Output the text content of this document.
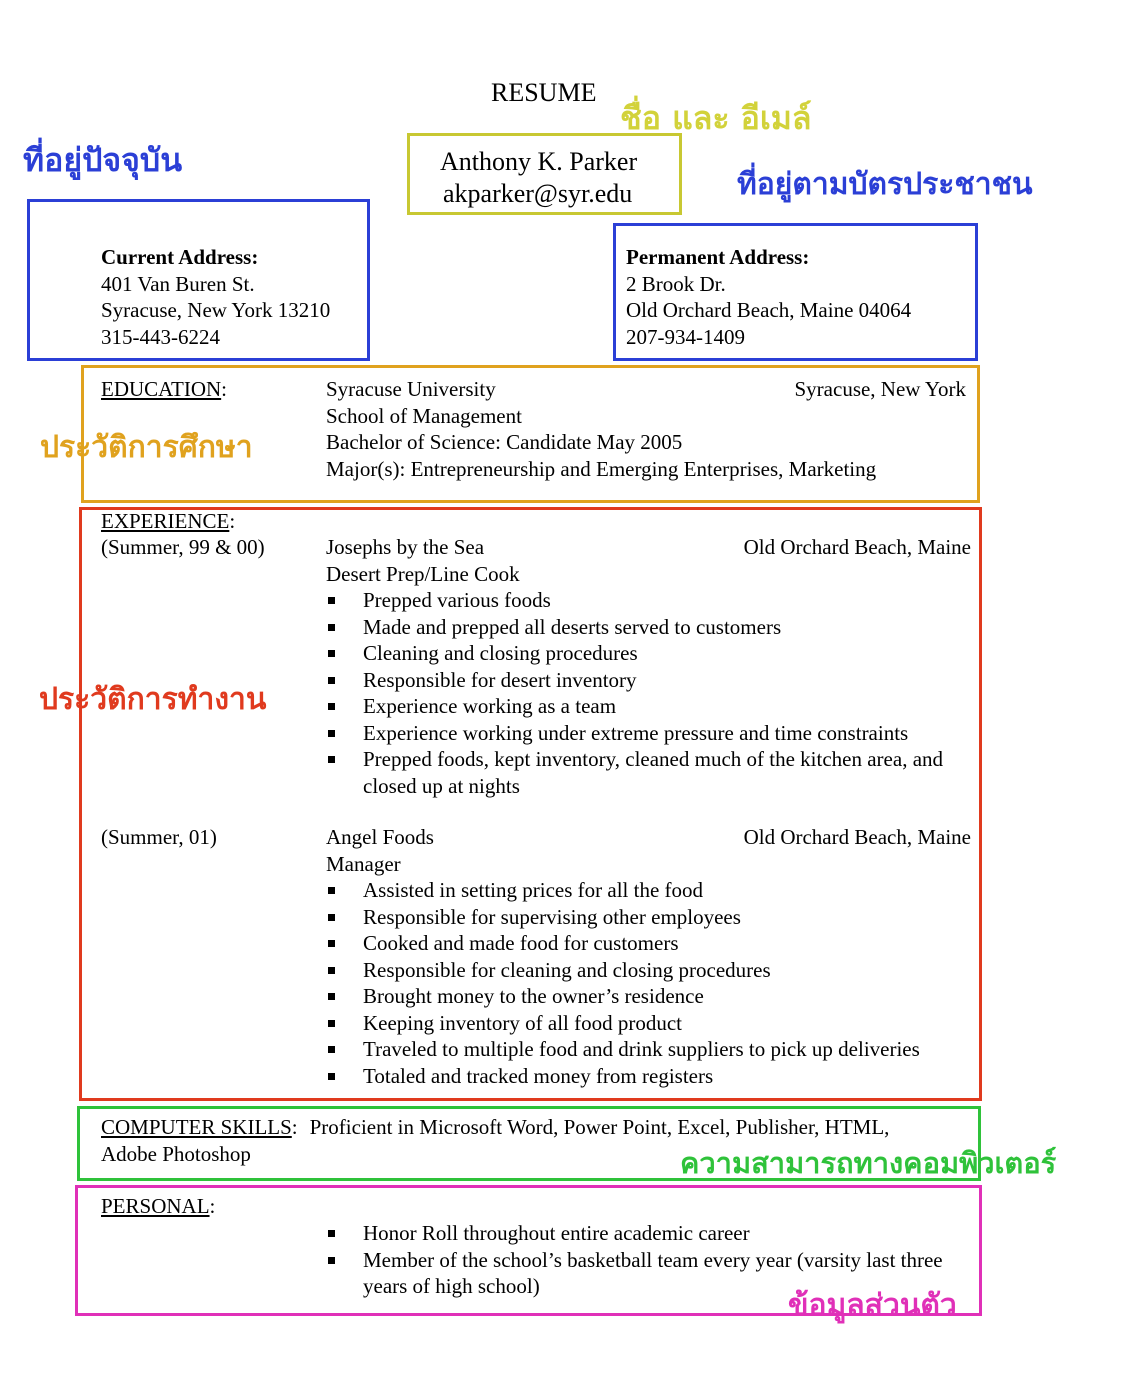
RESUME
ที่อยู่ปัจจุบัน
ชื่อ และ อีเมล์
ที่อยู่ตามบัตรประชาชน
ประวัติการศึกษา
ประวัติการทำงาน
ความสามารถทางคอมพิวเตอร์
ข้อมูลส่วนตัว
Anthony K. Parker
akparker@syr.edu
Current Address:
401 Van Buren St.
Syracuse, New York 13210
315-443-6224
Permanent Address:
2 Brook Dr.
Old Orchard Beach, Maine 04064
207-934-1409
EDUCATION:	Syracuse University	Syracuse, New York
School of Management
Bachelor of Science: Candidate May 2005
Major(s): Entrepreneurship and Emerging Enterprises, Marketing
EXPERIENCE:
(Summer, 99 & 00)	Josephs by the Sea	Old Orchard Beach, Maine
Desert Prep/Line Cook
Prepped various foods
Made and prepped all deserts served to customers
Cleaning and closing procedures
Responsible for desert inventory
Experience working as a team
Experience working under extreme pressure and time constraints
Prepped foods, kept inventory, cleaned much of the kitchen area, and
closed up at nights
(Summer, 01)	Angel Foods	Old Orchard Beach, Maine
Manager
Assisted in setting prices for all the food
Responsible for supervising other employees
Cooked and made food for customers
Responsible for cleaning and closing procedures
Brought money to the owner’s residence
Keeping inventory of all food product
Traveled to multiple food and drink suppliers to pick up deliveries
Totaled and tracked money from registers
COMPUTER SKILLS: Proficient in Microsoft Word, Power Point, Excel, Publisher, HTML,
Adobe Photoshop
PERSONAL:
Honor Roll throughout entire academic career
Member of the school’s basketball team every year (varsity last three
years of high school)
